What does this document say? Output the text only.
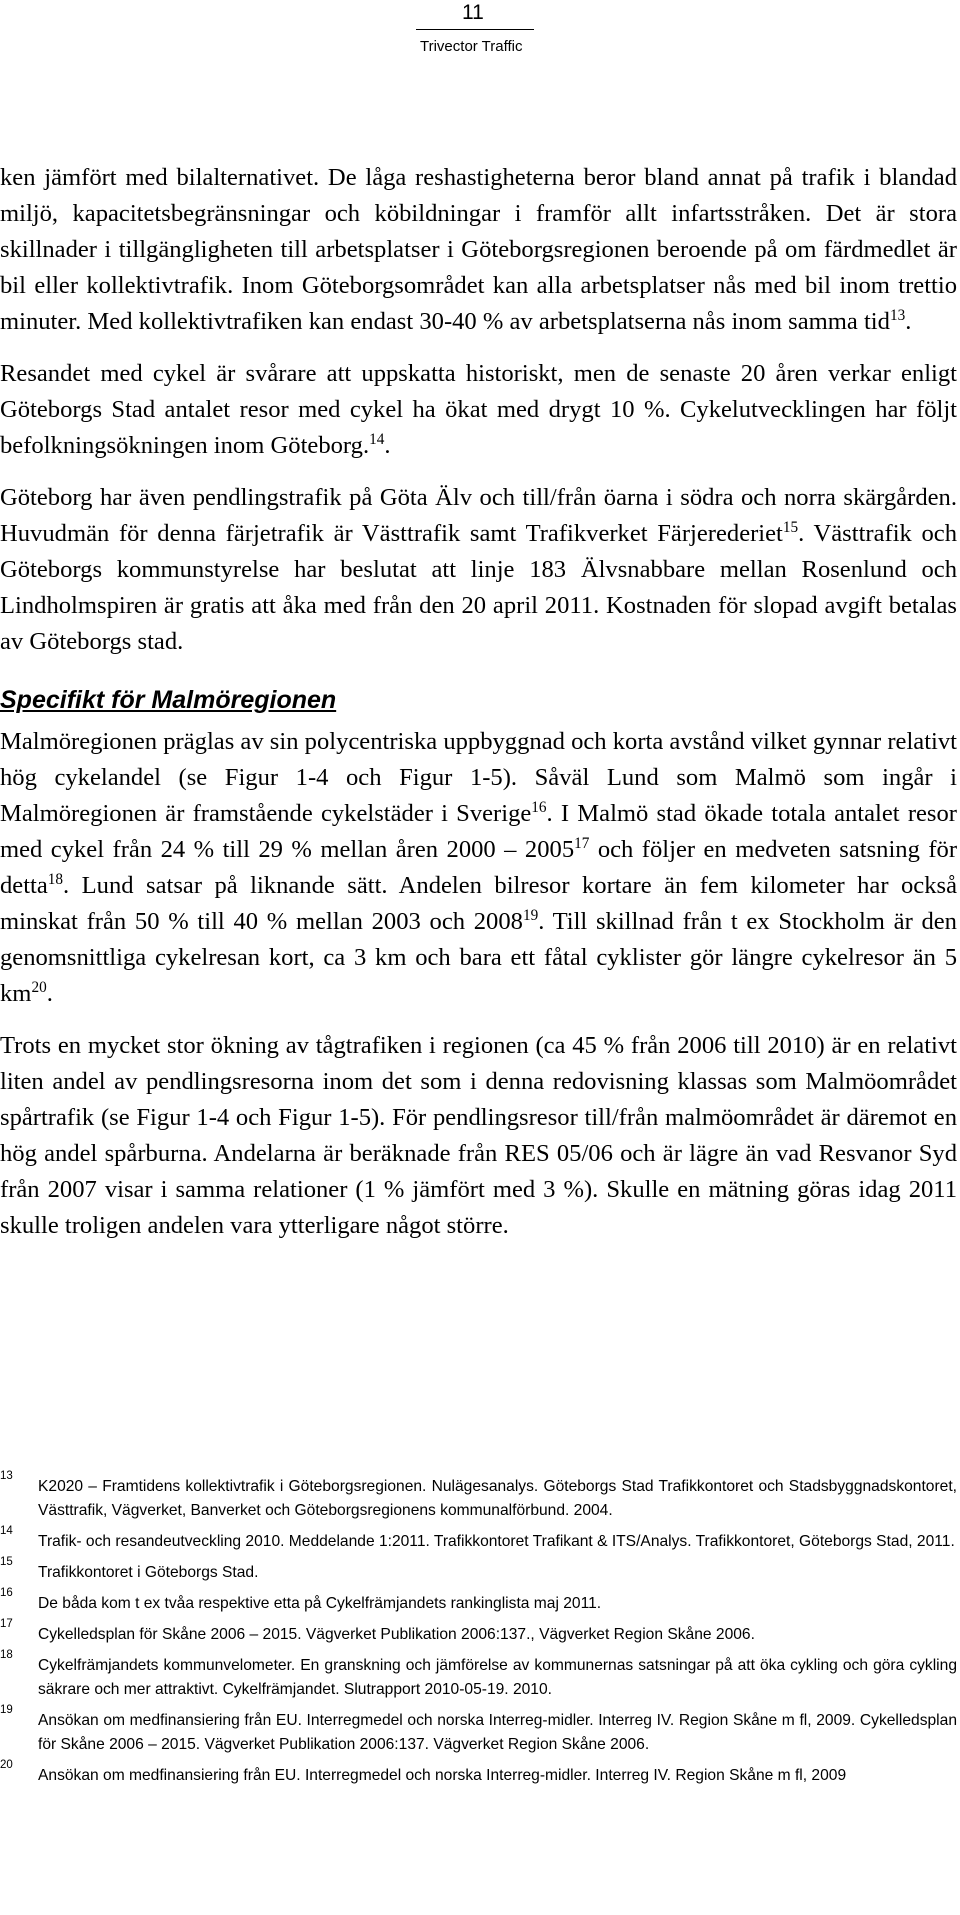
11
Trivector Traffic

ken jämfört med bilalternativet. De låga reshastigheterna beror bland annat på trafik i blandad miljö, kapacitetsbegränsningar och köbildningar i framför allt infartsstråken. Det är stora skillnader i tillgängligheten till arbetsplatser i Göteborgsregionen beroende på om färdmedlet är bil eller kollektivtrafik. Inom Göteborgsområdet kan alla arbetsplatser nås med bil inom trettio minuter. Med kollektivtrafiken kan endast 30-40 % av arbetsplatserna nås inom samma tid$^{13}$.

Resandet med cykel är svårare att uppskatta historiskt, men de senaste 20 åren verkar enligt Göteborgs Stad antalet resor med cykel ha ökat med drygt 10 %. Cykelutvecklingen har följt befolkningsökningen inom Göteborg.$^{14}$.

Göteborg har även pendlingstrafik på Göta Älv och till/från öarna i södra och norra skärgården. Huvudmän för denna färjetrafik är Västtrafik samt Trafikverket Färjerederiet$^{15}$. Västtrafik och Göteborgs kommunstyrelse har beslutat att linje 183 Älvsnabbare mellan Rosenlund och Lindholmspiren är gratis att åka med från den 20 april 2011. Kostnaden för slopad avgift betalas av Göteborgs stad.

Specifikt för Malmöregionen

Malmöregionen präglas av sin polycentriska uppbyggnad och korta avstånd vilket gynnar relativt hög cykelandel (se Figur 1-4 och Figur 1-5). Såväl Lund som Malmö som ingår i Malmöregionen är framstående cykelstäder i Sverige$^{16}$. I Malmö stad ökade totala antalet resor med cykel från 24 % till 29 % mellan åren 2000 – 2005$^{17}$ och följer en medveten satsning för detta$^{18}$. Lund satsar på liknande sätt. Andelen bilresor kortare än fem kilometer har också minskat från 50 % till 40 % mellan 2003 och 2008$^{19}$. Till skillnad från t ex Stockholm är den genomsnittliga cykelresan kort, ca 3 km och bara ett fåtal cyklister gör längre cykelresor än 5 $km^{20}$.

Trots en mycket stor ökning av tågtrafiken i regionen (ca 45 % från 2006 till 2010) är en relativt liten andel av pendlingsresorna inom det som i denna redovisning klassas som Malmöområdet spårtrafik (se Figur 1-4 och Figur 1-5). För pendlingsresor till/från malmöområdet är däremot en hög andel spårburna. Andelarna är beräknade från RES 05/06 och är lägre än vad Resvanor Syd från 2007 visar i samma relationer (1 % jämfört med 3 %). Skulle en mätning göras idag 2011 skulle troligen andelen vara ytterligare något större.

13
K2020 – Framtidens kollektivtrafik i Göteborgsregionen. Nulägesanalys. Göteborgs Stad Trafikkontoret och Stadsbyggnadskontoret, Västtrafik, Vägverket, Banverket och Göteborgsregionens kommunalförbund. 2004.
14
Trafik- och resandeutveckling 2010. Meddelande 1:2011. Trafikkontoret Trafikant & ITS/Analys. Trafikkontoret, Göteborgs Stad, 2011.
15
Trafikkontoret i Göteborgs Stad.
16
De båda kom t ex tvåa respektive etta på Cykelfrämjandets rankinglista maj 2011.
17
Cykelledsplan för Skåne 2006 – 2015. Vägverket Publikation 2006:137., Vägverket Region Skåne 2006.
18
Cykelfrämjandets kommunvelometer. En granskning och jämförelse av kommunernas satsningar på att öka cykling och göra cykling säkrare och mer attraktivt. Cykelfrämjandet. Slutrapport 2010-05-19. 2010.
19
Ansökan om medfinansiering från EU. Interregmedel och norska Interreg-midler. Interreg IV. Region Skåne m fl, 2009. Cykelledsplan för Skåne 2006 – 2015. Vägverket Publikation 2006:137. Vägverket Region Skåne 2006.
20
Ansökan om medfinansiering från EU. Interregmedel och norska Interreg-midler. Interreg IV. Region Skåne m fl, 2009
